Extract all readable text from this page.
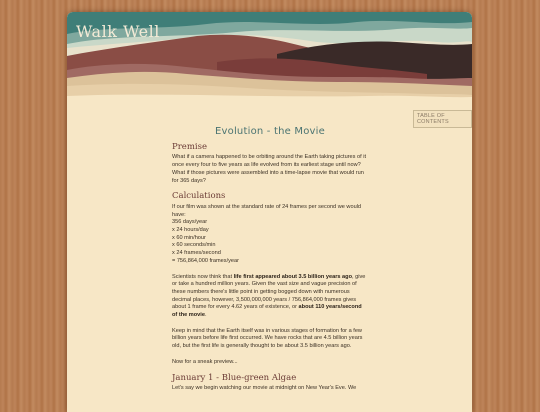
Walk Well
TABLE OF CONTENTS
Evolution - the Movie
Premise

What if a camera happened to be orbiting around the Earth taking pictures of it once every four to five years as life evolved from its earliest stage until now? What if those pictures were assembled into a time-lapse movie that would run for 365 days?

Calculations

If our film was shown at the standard rate of 24 frames per second we would have:
356 days/year
x 24 hours/day
x 60 min/hour
x 60 seconds/min
x 24 frames/second
= 756,864,000 frames/year

Scientists now think that life first appeared about 3.5 billion years ago, give or take a hundred million years. Given the vast size and vague precision of these numbers there's little point in getting bogged down with numerous decimal places, however, 3,500,000,000 years / 756,864,000 frames gives about 1 frame for every 4.62 years of existence, or about 110 years/second of the movie.

Keep in mind that the Earth itself was in various stages of formation for a few billion years before life first occurred. We have rocks that are 4.5 billion years old, but the first life is generally thought to be about 3.5 billion years ago.

Now for a sneak preview...

January 1 - Blue-green Algae

Let's say we begin watching our movie at midnight on New Year's Eve. We
